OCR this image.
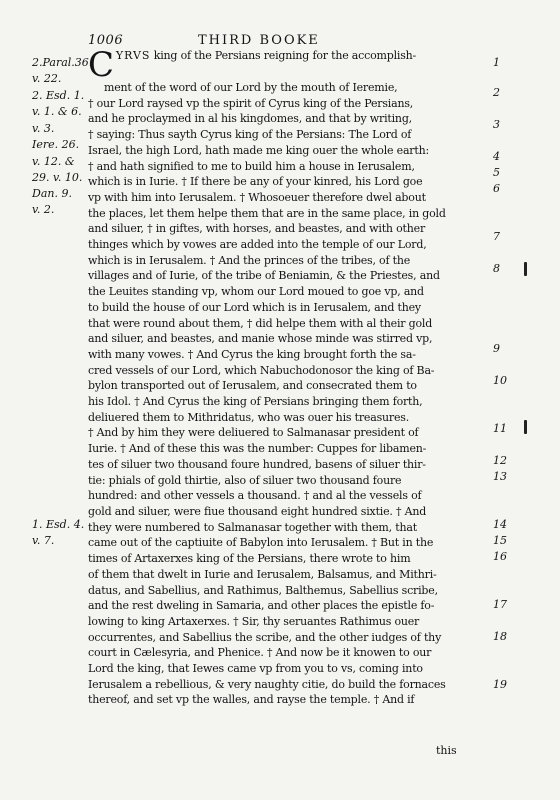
1006	THIRD BOOKE
2.Paral.36.
v. 22.
2. Esd. 1.
v. 1. & 6.
v. 3.
Iere. 26.
v. 12. &
29. v. 10.
Dan. 9.
v. 2.
1. Esd. 4.
v. 7.
C YRVS king of the Persians reigning for the accomplish-
ment of the word of our Lord by the mouth of Ieremie,
† our Lord raysed vp the spirit of Cyrus king of the Persians,
and he proclaymed in al his kingdomes, and that by writing,
† saying: Thus sayth Cyrus king of the Persians: The Lord of
Israel, the high Lord, hath made me king ouer the whole earth:
† and hath signified to me to build him a house in Ierusalem,
which is in Iurie. † If there be any of your kinred, his Lord goe
vp with him into Ierusalem. † Whosoeuer therefore dwel about
the places, let them helpe them that are in the same place, in gold
and siluer, † in giftes, with horses, and beastes, and with other
thinges which by vowes are added into the temple of our Lord,
which is in Ierusalem. † And the princes of the tribes, of the
villages and of Iurie, of the tribe of Beniamin, & the Priestes, and
the Leuites standing vp, whom our Lord moued to goe vp, and
to build the house of our Lord which is in Ierusalem, and they
that were round about them, † did helpe them with al their gold
and siluer, and beastes, and manie whose minde was stirred vp,
with many vowes. † And Cyrus the king brought forth the sa-
cred vessels of our Lord, which Nabuchodonosor the king of Ba-
bylon transported out of Ierusalem, and consecrated them to
his Idol. † And Cyrus the king of Persians bringing them forth,
deliuered them to Mithridatus, who was ouer his treasures.
† And by him they were deliuered to Salmanasar president of
Iurie. † And of these this was the number: Cuppes for libamen-
tes of siluer two thousand foure hundred, basens of siluer thir-
tie: phials of gold thirtie, also of siluer two thousand foure
hundred: and other vessels a thousand. † and al the vessels of
gold and siluer, were fiue thousand eight hundred sixtie. † And
they were numbered to Salmanasar together with them, that
came out of the captiuite of Babylon into Ierusalem. † But in the
times of Artaxerxes king of the Persians, there wrote to him
of them that dwelt in Iurie and Ierusalem, Balsamus, and Mithri-
datus, and Sabellius, and Rathimus, Balthemus, Sabellius scribe,
and the rest dweling in Samaria, and other places the epistle fo-
lowing to king Artaxerxes. † Sir, thy seruantes Rathimus ouer
occurrentes, and Sabellius the scribe, and the other iudges of thy
court in Cælesyria, and Phenice. † And now be it knowen to our
Lord the king, that Iewes came vp from you to vs, coming into
Ierusalem a rebellious, & very naughty citie, do build the fornaces
thereof, and set vp the walles, and rayse the temple. † And if
1
2
3
4
5
6
7
8
9
10
11
12
13
14
15
16
17
18
19
this
